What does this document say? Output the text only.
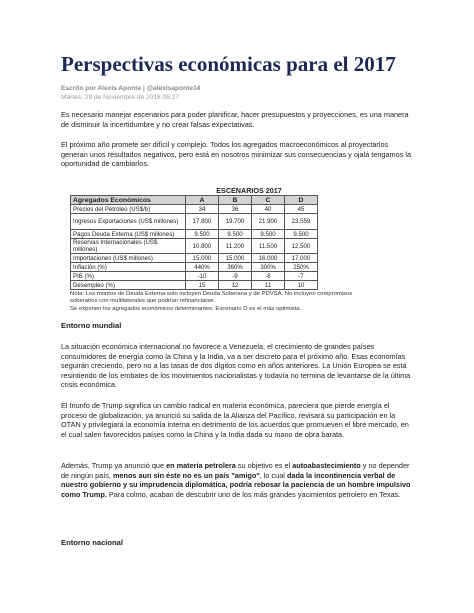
Perspectivas económicas para el 2017
Escrito por Alexis Aponte | @alexisaponte14
Martes, 29 de Noviembre de 2016 05:27

Es necesario manejar escenarios para poder planificar, hacer presupuestos y proyecciones, es una manera de disminuir la incertidumbre y no crear falsas expectativas.

El próximo año promete ser difícil y complejo. Todos los agregados macroeconómicos al proyectarlos generan unos resultados negativos, pero está en nosotros minimizar sus consecuencias y ojalá tengamos la oportunidad de cambiarlos.

ESCENARIOS 2017
Agregados Económicos	A	B	C	D
Precios del Petróleo (US$/b)	34	36	40	45
Ingresos Exportaciones (US$ millones)	17.800	19.700	21.900	23.559
Pagos Deuda Externa (US$ millones)	9.500	9.500	9.500	9.500
Reservas Internacionales (US$ millones)	10.800	11.200	11.500	12.500
Importaciones (US$ millones)	15.000	15.000	16.000	17.000
Inflación (%)	440%	360%	300%	250%
PIB (%)	-10	-9	-8	-7
Desempleo (%)	15	12	11	10
Nota: Los montos de Deuda Externa solo incluyen Deuda Soberana y de PDVSA. No incluyen compromisos soberanos con multilaterales que podrían refinanciarse.
Se exponen los agregados económicos determinantes. Escenario D es el más optimista.
Entorno mundial

La situación económica internacional no favorece a Venezuela, el crecimiento de grandes países consumidores de energía como la China y la India, va a ser discreto para el próximo año. Esas economías seguirán creciendo, pero no a las tasas de dos dígitos como en años anteriores. La Unión Europea se está resintiendo de los embates de los movimientos nacionalistas y todavía no termina de levantarse de la última crisis económica.

El triunfo de Trump significa un cambio radical en materia económica, pareciera que pierde energía el proceso de globalización, ya anunció su salida de la Alianza del Pacífico, revisará su participación en la OTAN y privilegiará la economía interna en detrimento de los acuerdos que promueven el libre mercado, en el cual salen favorecidos países como la China y la India dada su mano de obra barata.

Además, Trump ya anunció que en materia petrolera su objetivo es el autoabastecimiento y no depender de ningún país, menos aun sin éste no es un país "amigo", lo cual dada la incontinencia verbal de nuestro gobierno y su imprudencia diplomática, podría rebosar la paciencia de un hombre impulsivo como Trump. Para colmo, acaban de descubrir uno de los más grandes yacimientos petrolero en Texas.

Entorno nacional
